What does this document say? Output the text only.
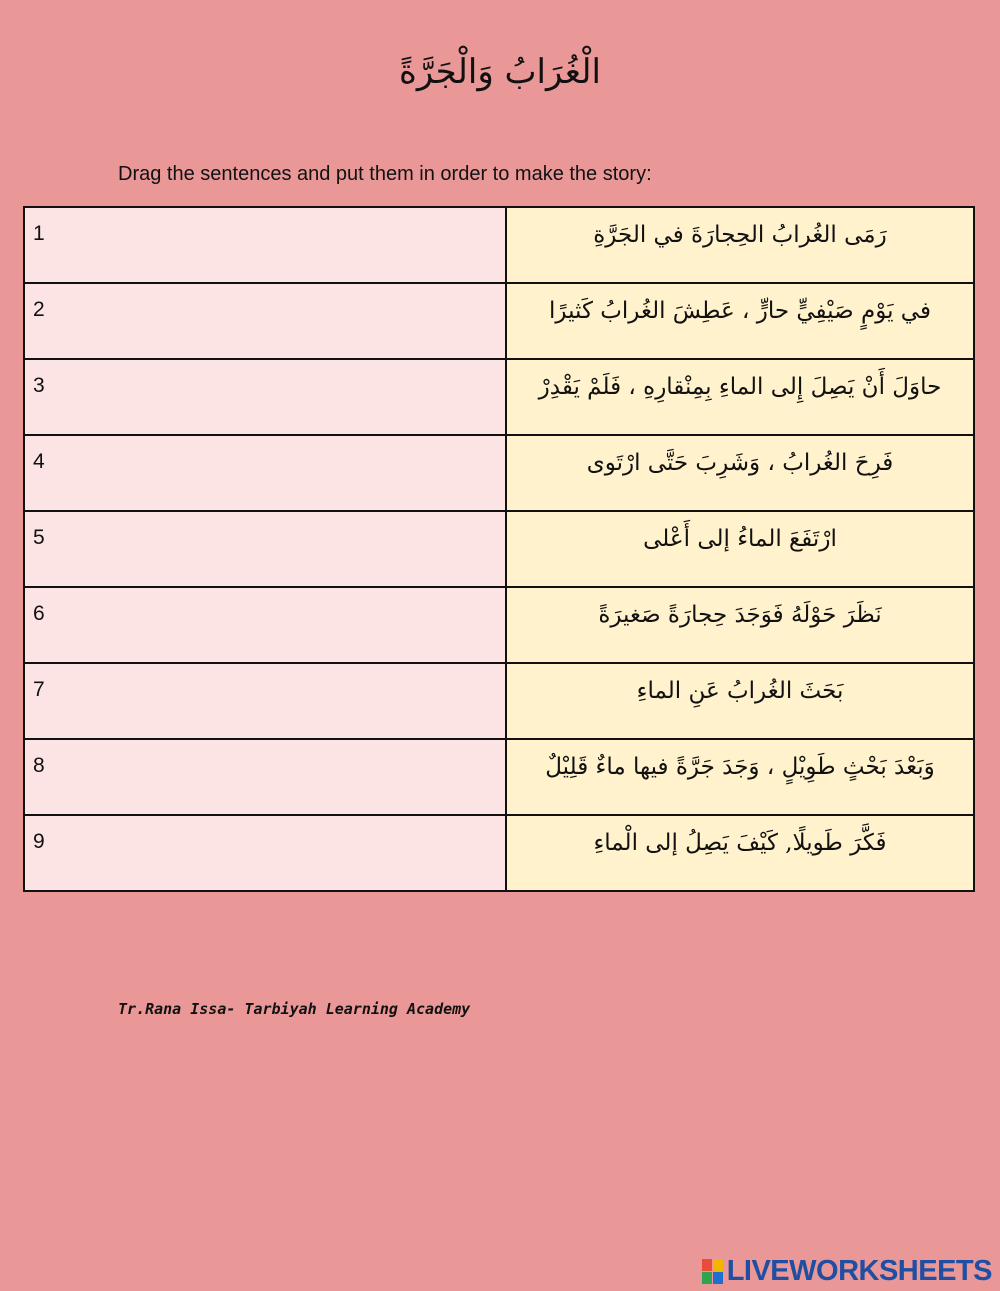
الْغُرَابُ وَالْجَرَّةً
Drag the sentences and put them in order to make the story:
1	رَمَى الغُرابُ الحِجارَةَ في الجَرَّةِ
2	في يَوْمٍ صَيْفِيٍّ حارٍّ ، عَطِشَ الغُرابُ كَثيرًا
3	حاوَلَ أَنْ يَصِلَ إِلى الماءِ بِمِنْقارِهِ ، فَلَمْ يَقْدِرْ
4	فَرِحَ الغُرابُ ، وَشَرِبَ حَتَّى ارْتَوى
5	ارْتَفَعَ الماءُ إلى أَعْلى
6	نَظَرَ حَوْلَهُ فَوَجَدَ حِجارَةً صَغيرَةً
7	بَحَثَ الغُرابُ عَنِ الماءِ
8	وَبَعْدَ بَحْثٍ طَوِيْلٍ ، وَجَدَ جَرَّةً فيها ماءٌ قَلِيْلٌ
9	فَكَّرَ طَويلًا, كَيْفَ يَصِلُ إلى الْماءِ
Tr.Rana Issa- Tarbiyah Learning Academy
LIVEWORKSHEETS
